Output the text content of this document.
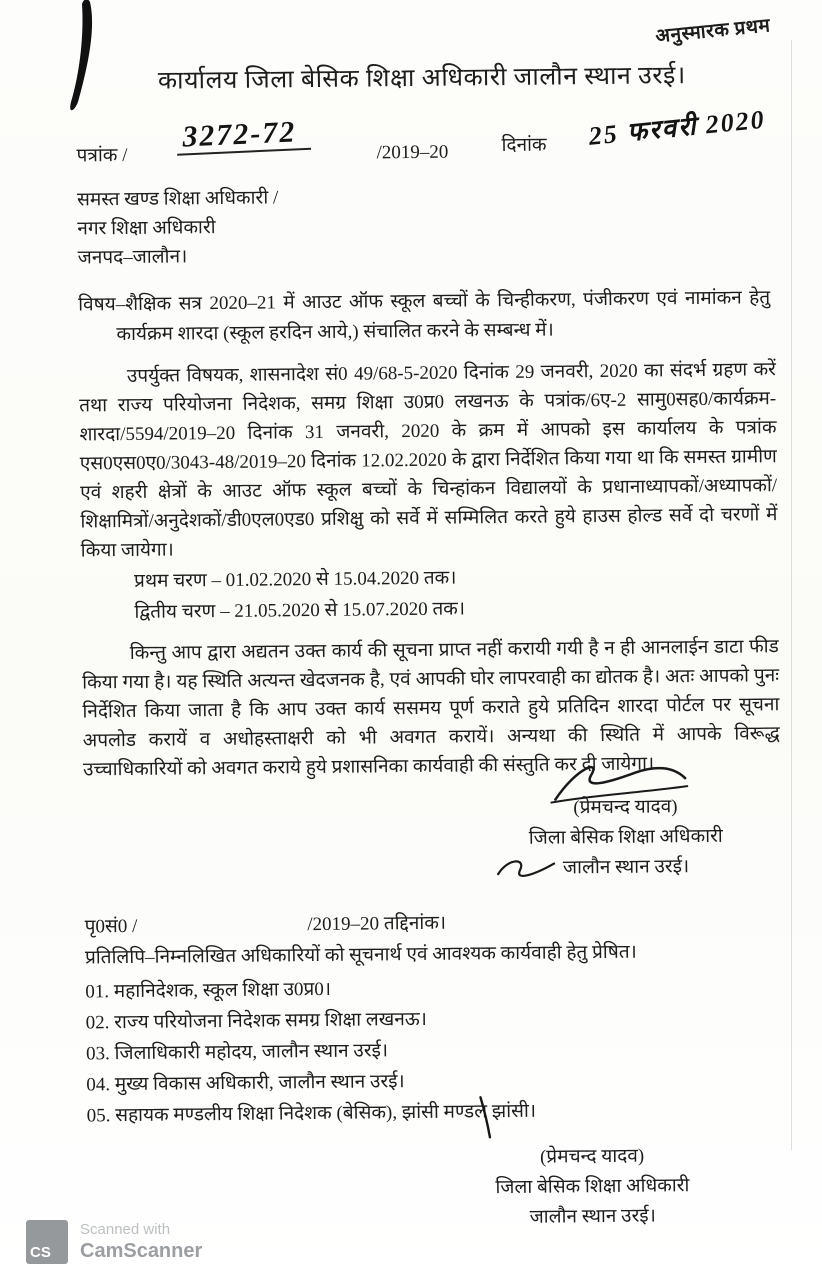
अनुस्मारक प्रथम
कार्यालय जिला बेसिक शिक्षा अधिकारी जालौन स्थान उरई।
पत्रांक /
3272-72	/2019–20	दिनांक 25 फरवरी 2020
समस्त खण्ड शिक्षा अधिकारी /
नगर शिक्षा अधिकारी
जनपद–जालौन।
विषय–शैक्षिक सत्र 2020–21 में आउट ऑफ स्कूल बच्चों के चिन्हीकरण, पंजीकरण एवं नामांकन हेतु कार्यक्रम शारदा (स्कूल हरदिन आये,) संचालित करने के सम्बन्ध में।
उपर्युक्त विषयक, शासनादेश सं0 49/68-5-2020 दिनांक 29 जनवरी, 2020 का संदर्भ ग्रहण करें तथा राज्य परियोजना निदेशक, समग्र शिक्षा उ0प्र0 लखनऊ के पत्रांक/6ए-2 सामु0सह0/कार्यक्रम-शारदा/5594/2019–20 दिनांक 31 जनवरी, 2020 के क्रम में आपको इस कार्यालय के पत्रांक एस0एस0ए0/3043-48/2019–20 दिनांक 12.02.2020 के द्वारा निर्देशित किया गया था कि समस्त ग्रामीण एवं शहरी क्षेत्रों के आउट ऑफ स्कूल बच्चों के चिन्हांकन विद्यालयों के प्रधानाध्यापकों/अध्यापकों/शिक्षामित्रों/अनुदेशकों/डी0एल0एड0 प्रशिक्षु को सर्वे में सम्मिलित करते हुये हाउस होल्ड सर्वे दो चरणों में किया जायेगा।
प्रथम चरण – 01.02.2020 से 15.04.2020 तक।
द्वितीय चरण – 21.05.2020 से 15.07.2020 तक।
किन्तु आप द्वारा अद्यतन उक्त कार्य की सूचना प्राप्त नहीं करायी गयी है न ही आनलाईन डाटा फीड किया गया है। यह स्थिति अत्यन्त खेदजनक है, एवं आपकी घोर लापरवाही का द्योतक है। अतः आपको पुनः निर्देशित किया जाता है कि आप उक्त कार्य ससमय पूर्ण कराते हुये प्रतिदिन शारदा पोर्टल पर सूचना अपलोड करायें व अधोहस्ताक्षरी को भी अवगत करायें। अन्यथा की स्थिति में आपके विरूद्ध उच्चाधिकारियों को अवगत कराये हुये प्रशासनिका कार्यवाही की संस्तुति कर दी जायेगा।
(प्रेमचन्द यादव)
जिला बेसिक शिक्षा अधिकारी
जालौन स्थान उरई।
पृ0सं0 /	/2019–20 तद्दिनांक।
प्रतिलिपि–निम्नलिखित अधिकारियों को सूचनार्थ एवं आवश्यक कार्यवाही हेतु प्रेषित।
01. महानिदेशक, स्कूल शिक्षा उ0प्र0।
02. राज्य परियोजना निदेशक समग्र शिक्षा लखनऊ।
03. जिलाधिकारी महोदय, जालौन स्थान उरई।
04. मुख्य विकास अधिकारी, जालौन स्थान उरई।
05. सहायक मण्डलीय शिक्षा निदेशक (बेसिक), झांसी मण्डल झांसी।
(प्रेमचन्द यादव)
जिला बेसिक शिक्षा अधिकारी
जालौन स्थान उरई।
CS
Scanned with
CamScanner
